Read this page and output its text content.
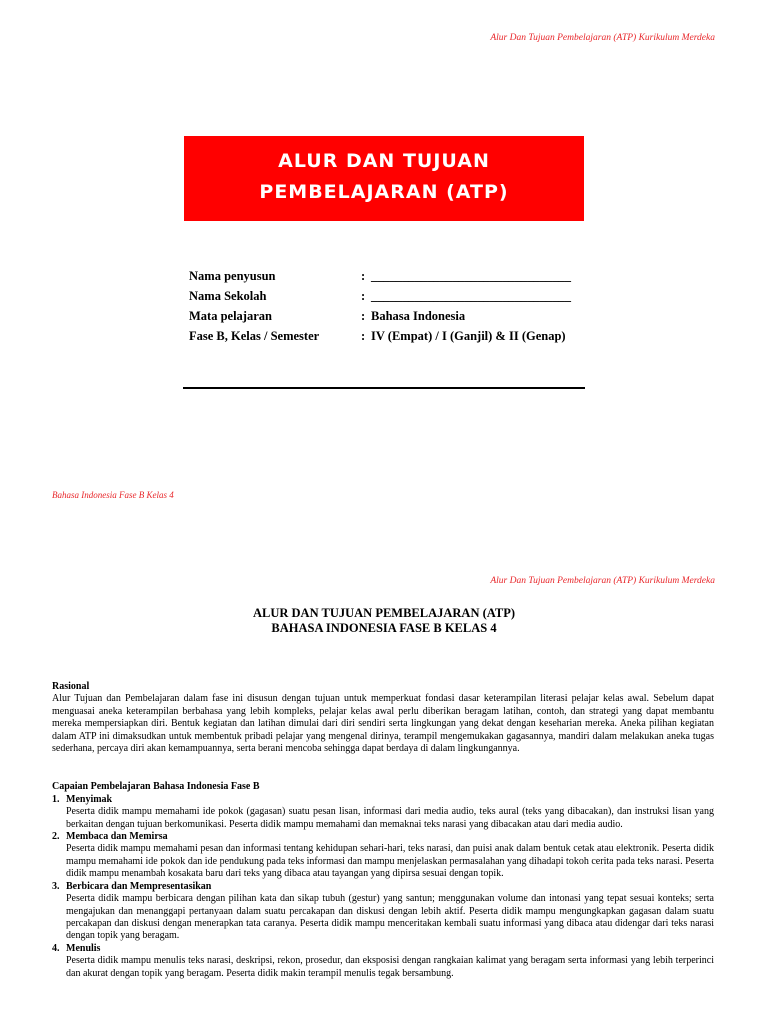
Alur Dan Tujuan Pembelajaran (ATP) Kurikulum Merdeka
ALUR DAN TUJUAN
PEMBELAJARAN (ATP)
Nama penyusun	:	________________________________
Nama Sekolah	:	________________________________
Mata pelajaran	:	Bahasa Indonesia
Fase B, Kelas / Semester	:	IV (Empat) / I (Ganjil) & II (Genap)
Bahasa Indonesia Fase B Kelas 4
Alur Dan Tujuan Pembelajaran (ATP) Kurikulum Merdeka
ALUR DAN TUJUAN PEMBELAJARAN (ATP)
BAHASA INDONESIA FASE B KELAS 4
Rasional
Alur Tujuan dan Pembelajaran dalam fase ini disusun dengan tujuan untuk memperkuat fondasi dasar keterampilan literasi pelajar kelas awal. Sebelum dapat menguasai aneka keterampilan berbahasa yang lebih kompleks, pelajar kelas awal perlu diberikan beragam latihan, contoh, dan strategi yang dapat membantu mereka mempersiapkan diri. Bentuk kegiatan dan latihan dimulai dari diri sendiri serta lingkungan yang dekat dengan keseharian mereka. Aneka pilihan kegiatan dalam ATP ini dimaksudkan untuk membentuk pribadi pelajar yang mengenal dirinya, terampil mengemukakan gagasannya, mandiri dalam melakukan aneka tugas sederhana, percaya diri akan kemampuannya, serta berani mencoba sehingga dapat berdaya di dalam lingkungannya.
Capaian Pembelajaran Bahasa Indonesia Fase B
1. Menyimak
Peserta didik mampu memahami ide pokok (gagasan) suatu pesan lisan, informasi dari media audio, teks aural (teks yang dibacakan), dan instruksi lisan yang berkaitan dengan tujuan berkomunikasi. Peserta didik mampu memahami dan memaknai teks narasi yang dibacakan atau dari media audio.
2. Membaca dan Memirsa
Peserta didik mampu memahami pesan dan informasi tentang kehidupan sehari-hari, teks narasi, dan puisi anak dalam bentuk cetak atau elektronik. Peserta didik mampu memahami ide pokok dan ide pendukung pada teks informasi dan mampu menjelaskan permasalahan yang dihadapi tokoh cerita pada teks narasi. Peserta didik mampu menambah kosakata baru dari teks yang dibaca atau tayangan yang dipirsa sesuai dengan topik.
3. Berbicara dan Mempresentasikan
Peserta didik mampu berbicara dengan pilihan kata dan sikap tubuh (gestur) yang santun; menggunakan volume dan intonasi yang tepat sesuai konteks; serta mengajukan dan menanggapi pertanyaan dalam suatu percakapan dan diskusi dengan lebih aktif. Peserta didik mampu mengungkapkan gagasan dalam suatu percakapan dan diskusi dengan menerapkan tata caranya. Peserta didik mampu menceritakan kembali suatu informasi yang dibaca atau didengar dari teks narasi dengan topik yang beragam.
4. Menulis
Peserta didik mampu menulis teks narasi, deskripsi, rekon, prosedur, dan eksposisi dengan rangkaian kalimat yang beragam serta informasi yang lebih terperinci dan akurat dengan topik yang beragam. Peserta didik makin terampil menulis tegak bersambung.
